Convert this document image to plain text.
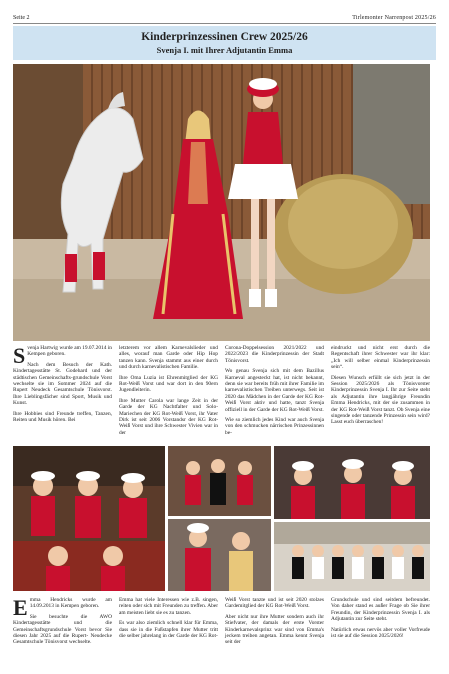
Seite 2	Tirlemonter Narrenpost 2025/26
Kinderprinzessinen Crew 2025/26
Svenja I. mit Ihrer Adjutantin Emma

Svenja Hartwig wurde am 19.07.2014 in Kempen geboren.

Nach dem Besuch der Kath. Kindertagesstätte St. Godehard und der städtischen Gemeinschafts-grundschule Vorst wechselte sie im Sommer 2024 auf die Rupert Neudeck Gesamtschule Tönisvorst. Ihre Lieblingsfächer sind Sport, Musik und Kunst.

Ihre Hobbies sind Freunde treffen, Tanzen, Reiten und Musik hören. Bei

letzterem vor allem Karnevalslieder und alles, worauf man Garde oder Hip Hop tanzen kann. Svenja stammt aus einer durch und durch karnevalistischen Familie.

Ihre Oma Luzia ist Ehrenmitglied der KG Rot-Weiß Vorst und war dort in den 90ern Jugendleiterin.

Ihre Mutter Carola war lange Zeit in der Garde der KG Nachtfalter und Solo-Mariechen der KG Rot-Weiß Vorst, ihr Vater Dirk ist seit 2006 Vorstandsr der KG Rot-Weiß Vorst und ihre Schwester Vivien war in der

Corona-Doppelsession 2021/2022 und 2022/2023 die Kinderprinzessin der Stadt Tönisvorst.

Wo genau Svenja sich mit dem Bazillus Karneval angesteckt hat, ist nicht bekannt, denn sie war bereits früh mit ihrer Familie im karnevalistischen Treiben unterwegs. Seit ist 2020 das Mädchen in der Garde der KG Rot-Weiß Vorst aktiv und hatte, tanzt Svenja offiziell in der Garde der KG Rot-Weiß Vorst.

Wie so ziemlich jedes Kind war auch Svenja von den schmucken närrischen Prinzessinnen be-

eindruckt und nicht erst durch die Regentschaft ihrer Schwester war ihr klar: „Ich will selber einmal Kinderprinzessin sein“.

Diesen Wunsch erfüllt sie sich jetzt in der Session 2025/2026 als Tönisvorster Kinderprinzessin Svenja I. Ihr zur Seite steht als Adjutantin ihre langjährige Freundin Emma Hendricks, mit der sie zusammen in der KG Rot-Weiß Vorst tanzt. Ob Svenja eine singende oder tanzende Prinzessin sein wird? Lasst euch überraschen!

Emma Hendricks wurde am 14.09.2013 in Kempen geboren.

Sie besuchte die AWO Kindertagesstätte und die Gemeinschaftsgrundschule Vorst bevor Sie diesen Jahr 2025 auf die Rupert- Neudecke Gesamtschule Tönisvorst wechselte.

Emma hat viele Interessen wie z.B. singen, reiten oder sich mit Freunden zu treffen. Aber am meisten liebt sie es zu tanzen.

Es war also ziemlich schnell klar für Emma, dass sie in die Fußstapfen ihrer Mutter tritt die selber jahrelang in der Garde der KG Rot-

Weiß Vorst tanzte und ist seit 2020 stolzes Gardemitglied der KG Rot-Weiß Vorst.

Aber nicht nur ihre Mutter sondern auch ihr Stiefvater, der damals der erste Vorster Kinderkarnevalsprinz war sind von Emma's jeckem treiben angetan. Emma kennt Svenja seit der

Grundschule und sind seitdem befreundet. Von daher stand es außer Frage ob Sie ihrer Freundin, der Kinderprinzessin Svenja I. als Adjutantin zur Seite steht.

Natürlich etwas nervös aber voller Vorfreude ist sie auf die Session 2025/2026!
